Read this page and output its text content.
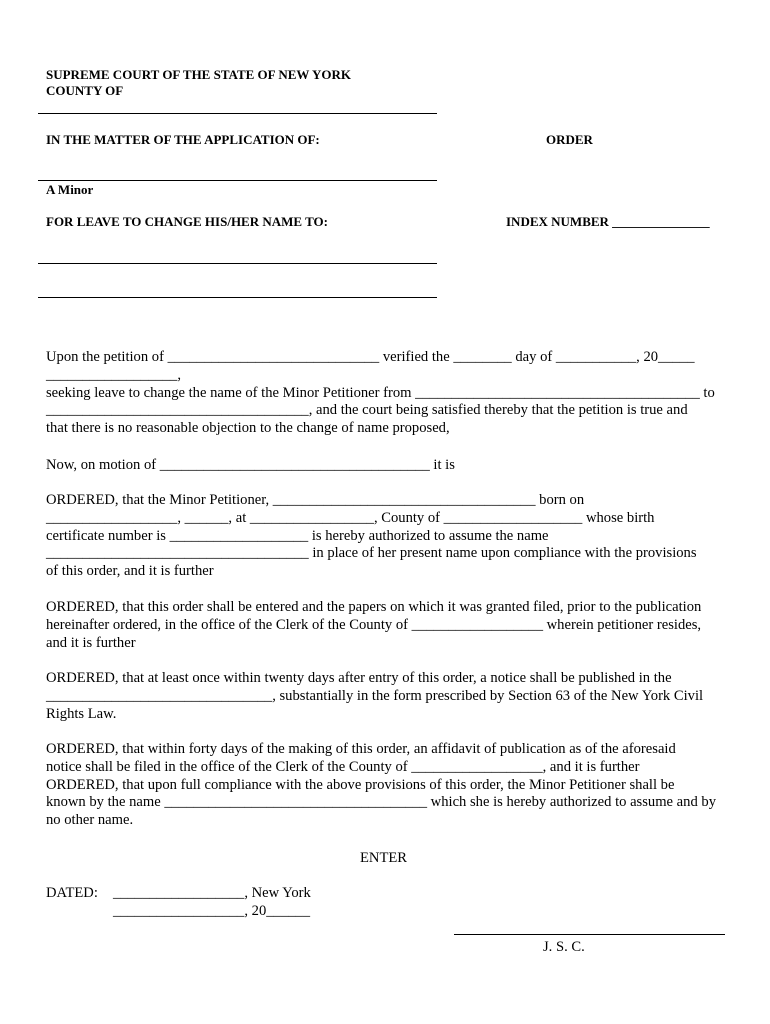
SUPREME COURT OF THE STATE OF NEW YORK
COUNTY OF
IN THE MATTER OF THE APPLICATION OF:	ORDER
A Minor
FOR LEAVE TO CHANGE HIS/HER NAME TO:	INDEX NUMBER _______________
Upon the petition of _____________________________ verified the ________ day of ___________, 20_____
__________________,
seeking leave to change the name of the Minor Petitioner from _______________________________________ to
____________________________________, and the court being satisfied thereby that the petition is true and
that there is no reasonable objection to the change of name proposed,
Now, on motion of _____________________________________ it is
ORDERED, that the Minor Petitioner, ____________________________________ born on
__________________, ______, at _________________, County of ___________________ whose birth
certificate number is ___________________ is hereby authorized to assume the name
____________________________________ in place of her present name upon compliance with the provisions
of this order, and it is further
ORDERED, that this order shall be entered and the papers on which it was granted filed, prior to the publication
hereinafter ordered, in the office of the Clerk of the County of __________________ wherein petitioner resides,
and it is further
ORDERED, that at least once within twenty days after entry of this order, a notice shall be published in the
_______________________________, substantially in the form prescribed by Section 63 of the New York Civil
Rights Law.
ORDERED, that within forty days of the making of this order, an affidavit of publication as of the aforesaid
notice shall be filed in the office of the Clerk of the County of __________________, and it is further
ORDERED, that upon full compliance with the above provisions of this order, the Minor Petitioner shall be
known by the name ____________________________________ which she is hereby authorized to assume and by
no other name.
ENTER
DATED: __________________, New York
__________________, 20______
J. S. C.
